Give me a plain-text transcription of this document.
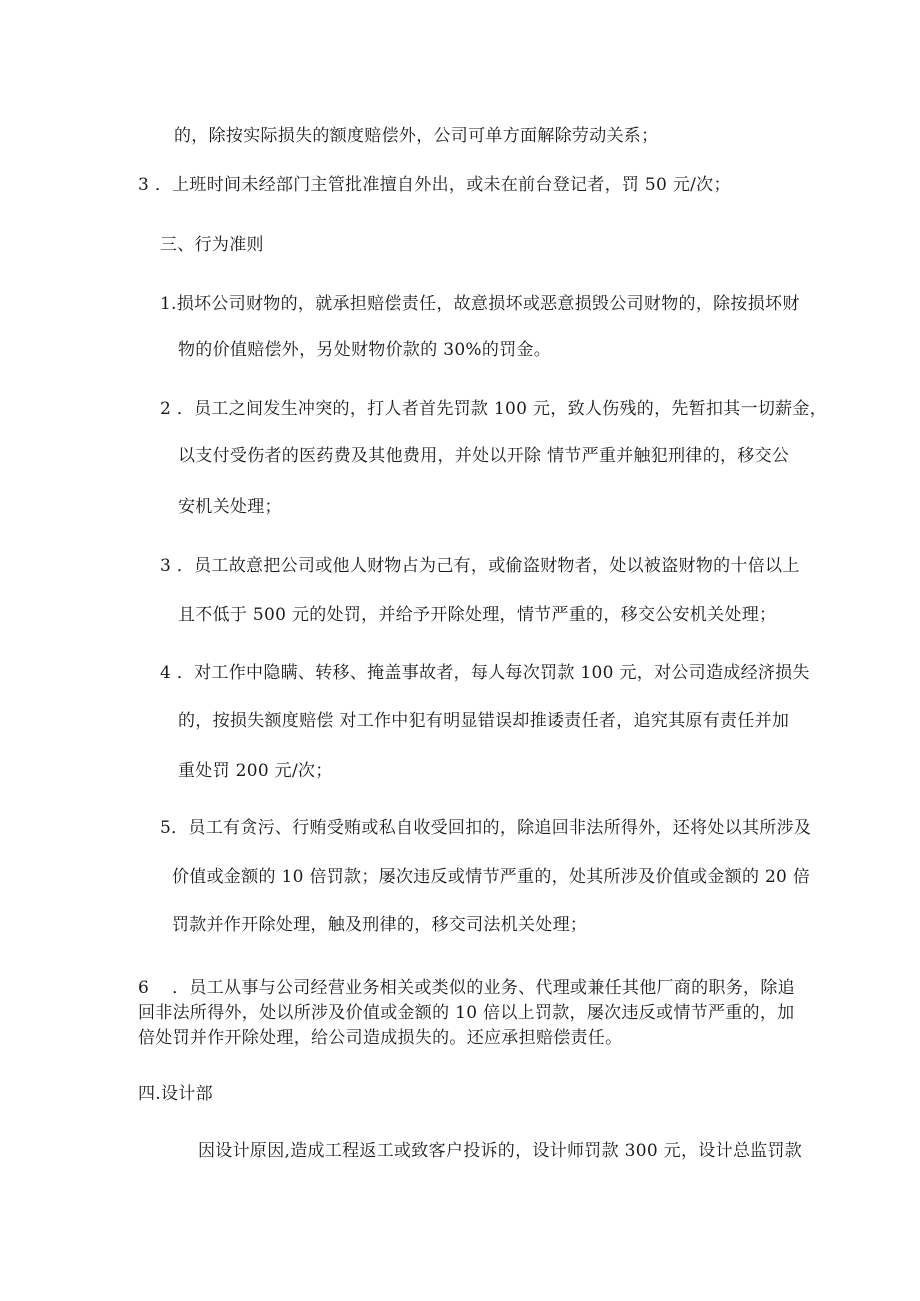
的，除按实际损失的额度赔偿外，公司可单方面解除劳动关系；
3 ．上班时间未经部门主管批准擅自外出，或未在前台登记者，罚 50 元/次；
三、行为准则
1.损坏公司财物的，就承担赔偿责任，故意损坏或恶意损毁公司财物的，除按损坏财
物的价值赔偿外，另处财物价款的 30%的罚金。
2 ．员工之间发生冲突的，打人者首先罚款 100 元，致人伤残的，先暂扣其一切薪金，
以支付受伤者的医药费及其他费用，并处以开除 情节严重并触犯刑律的，移交公
安机关处理；
3 ．员工故意把公司或他人财物占为己有，或偷盗财物者，处以被盗财物的十倍以上
且不低于 500 元的处罚，并给予开除处理，情节严重的，移交公安机关处理；
4 ．对工作中隐瞒、转移、掩盖事故者，每人每次罚款 100 元，对公司造成经济损失
的，按损失额度赔偿 对工作中犯有明显错误却推诿责任者，追究其原有责任并加
重处罚 200 元/次；
5．员工有贪污、行贿受贿或私自收受回扣的，除追回非法所得外，还将处以其所涉及
价值或金额的 10 倍罚款；屡次违反或情节严重的，处其所涉及价值或金额的 20 倍
罚款并作开除处理，触及刑律的，移交司法机关处理；
6　 ．员工从事与公司经营业务相关或类似的业务、代理或兼任其他厂商的职务，除追
回非法所得外，处以所涉及价值或金额的 10 倍以上罚款，屡次违反或情节严重的，加
倍处罚并作开除处理，给公司造成损失的。还应承担赔偿责任。
四.设计部
因设计原因,造成工程返工或致客户投诉的，设计师罚款 300 元，设计总监罚款
